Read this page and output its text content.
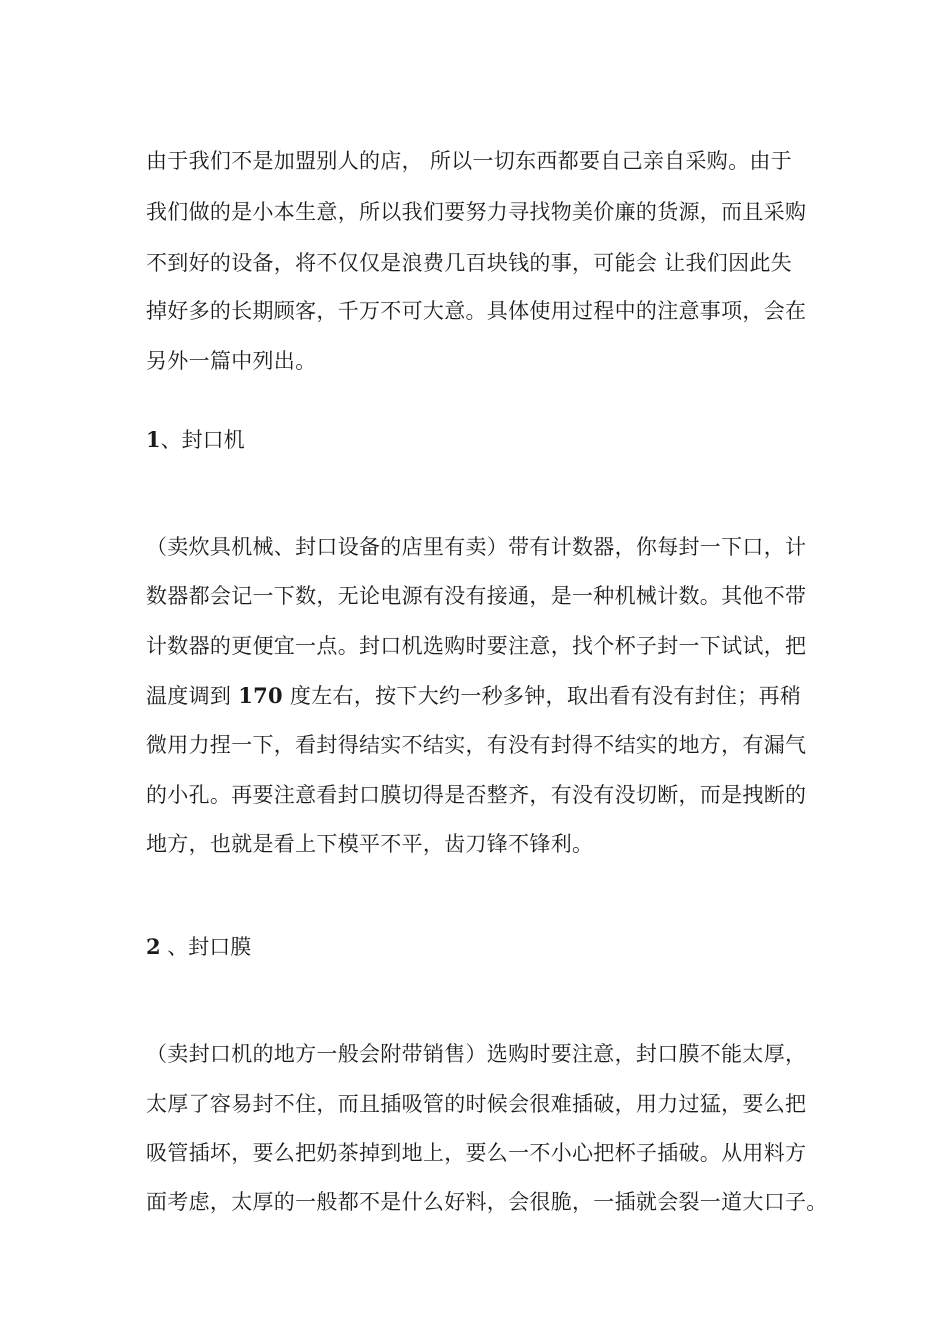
由于我们不是加盟别人的店， 所以一切东西都要自己亲自采购。由于
我们做的是小本生意，所以我们要努力寻找物美价廉的货源，而且采购
不到好的设备，将不仅仅是浪费几百块钱的事，可能会 让我们因此失
掉好多的长期顾客，千万不可大意。具体使用过程中的注意事项，会在
另外一篇中列出。
1、封口机
（卖炊具机械、封口设备的店里有卖）带有计数器，你每封一下口，计
数器都会记一下数，无论电源有没有接通，是一种机械计数。其他不带
计数器的更便宜一点。封口机选购时要注意，找个杯子封一下试试，把
温度调到 170 度左右，按下大约一秒多钟，取出看有没有封住；再稍
微用力捏一下，看封得结实不结实，有没有封得不结实的地方，有漏气
的小孔。再要注意看封口膜切得是否整齐，有没有没切断，而是拽断的
地方，也就是看上下模平不平，齿刀锋不锋利。
2 、封口膜
（卖封口机的地方一般会附带销售）选购时要注意，封口膜不能太厚，
太厚了容易封不住，而且插吸管的时候会很难插破，用力过猛，要么把
吸管插坏，要么把奶茶掉到地上，要么一不小心把杯子插破。从用料方
面考虑，太厚的一般都不是什么好料，会很脆，一插就会裂一道大口子。
